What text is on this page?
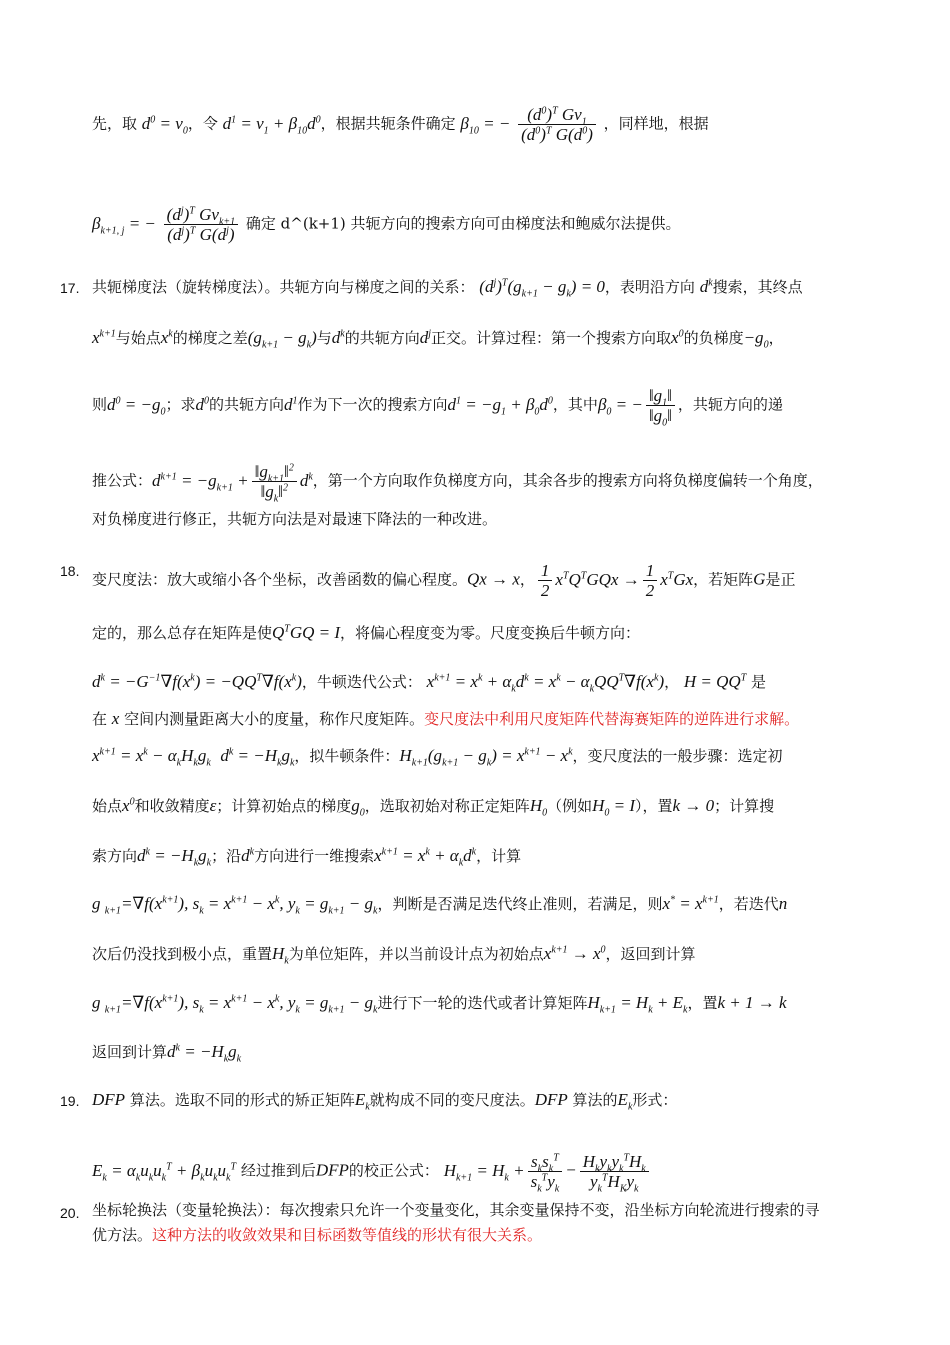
先，取 $d^0 = v_0$，令 $d^1 = v_1 + \beta_{10}d^0$，根据共轭条件确定 $\beta_{10}$ = − $\frac{(d^0)^T Gv_1}{(d^0)^T G(d^0)}$ ，同样地，根据
$\beta_{k+1, j}$ = − $\frac{(d^j)^T Gv_{k+1}}{(d^j)^T G(d^j)}$ 确定 d^(k+1) 共轭方向的搜索方向可由梯度法和鲍威尔法提供。
17. 共轭梯度法（旋转梯度法）。共轭方向与梯度之间的关系： $(d^j)^T(g_{k+1} - g_k) = 0$，表明沿方向 $d^k$搜索，其终点
$x^{k+1}$与始点$x^k$的梯度之差$(g_{k+1} - g_k)$与$d^k$的共轭方向$d^j$正交。计算过程：第一个搜索方向取$x^0$的负梯度$-g_0$，
则$d^0 = -g_0$；求$d^0$的共轭方向$d^1$作为下一次的搜索方向$d^1 = -g_1 + \beta_0d^0$，其中$\beta_0$ = − $\frac{‖g_1‖}{‖g_0‖}$ ，共轭方向的递
推公式：$d^{k+1} = -g_{k+1} + \frac{‖g_{k+1}‖^2}{‖g_k‖^2} d^k$，第一个方向取作负梯度方向，其余各步的搜索方向将负梯度偏转一个角度，
对负梯度进行修正，共轭方向法是对最速下降法的一种改进。
18. 变尺度法：放大或缩小各个坐标，改善函数的偏心程度。Qx → x， $\frac{1}{2} x^TQ^TGQx \to \frac{1}{2} x^TGx$，若矩阵G是正
定的，那么总存在矩阵是使$Q^TGQ = I$，将偏心程度变为零。尺度变换后牛顿方向：
$d^k = -G^{-1}\nabla f(x^k) = -QQ^T\nabla f(x^k)$，牛顿迭代公式： $x^{k+1} = x^k + \alpha_kd^k = x^k - \alpha_kQQ^T\nabla f(x^k)$， $H = QQ^T$ 是
在 x 空间内测量距离大小的度量，称作尺度矩阵。变尺度法中利用尺度矩阵代替海赛矩阵的逆阵进行求解。
$x^{k+1} = x^k - \alpha_kH_kg_k$ $d^k = -H_kg_k$，拟牛顿条件：$H_{k+1}(g_{k+1} - g_k) = x^{k+1} - x^k$，变尺度法的一般步骤：选定初
始点$x^0$和收敛精度ε；计算初始点的梯度$g_0$，选取初始对称正定矩阵$H_0$（例如$H_0 = I$），置k → 0；计算搜
索方向$d^k = -H_kg_k$；沿$d^k$方向进行一维搜索$x^{k+1} = x^k + \alpha_kd^k$，计算
g $_{k+1}=\nabla f(x^{k+1})$, $s_k = x^{k+1} - x^k$, $y_k = g_{k+1} - g_k$，判断是否满足迭代终止准则，若满足，则$x^* = x^{k+1}$，若迭代n
次后仍没找到极小点，重置$H_k$为单位矩阵，并以当前设计点为初始点$x^{k+1} \to x^0$，返回到计算
g $_{k+1}=\nabla f(x^{k+1})$, $s_k = x^{k+1} - x^k$, $y_k = g_{k+1} - g_k$进行下一轮的迭代或者计算矩阵$H_{k+1} = H_k + E_k$，置k + 1 → k
返回到计算$d^k = -H_kg_k$
19. DFP 算法。选取不同的形式的矫正矩阵$E_k$就构成不同的变尺度法。DFP 算法的$E_k$形式：
$E_k = \alpha_ku_ku_k^T + \beta_ku_ku_k^T$ 经过推到后DFP的校正公式： $H_{k+1} = H_k + \frac{s_ks_k^T}{s_k^Ty_k} - \frac{H_ky_ky_k^TH_k}{y_k^TH_Ky_k}$
20. 坐标轮换法（变量轮换法）：每次搜索只允许一个变量变化，其余变量保持不变，沿坐标方向轮流进行搜索的寻
优方法。这种方法的收敛效果和目标函数等值线的形状有很大关系。
